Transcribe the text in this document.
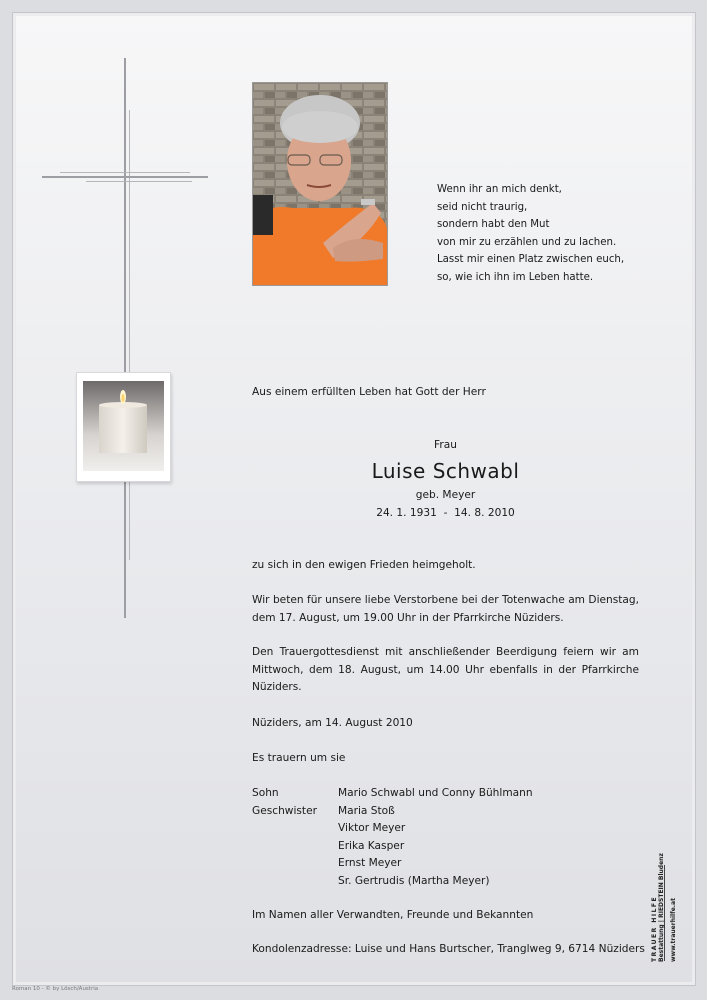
Wenn ihr an mich denkt,
seid nicht traurig,
sondern habt den Mut
von mir zu erzählen und zu lachen.
Lasst mir einen Platz zwischen euch,
so, wie ich ihn im Leben hatte.
Aus einem erfüllten Leben hat Gott der Herr
Frau
Luise Schwabl
geb. Meyer
24. 1. 1931  -  14. 8. 2010
zu sich in den ewigen Frieden heimgeholt.
Wir beten für unsere liebe Verstorbene bei der Totenwache am Dienstag, dem 17. August, um 19.00 Uhr in der Pfarrkirche Nüziders.
Den Trauergottesdienst mit anschließender Beerdigung feiern wir am Mittwoch, dem 18. August, um 14.00 Uhr ebenfalls in der Pfarrkirche Nüziders.
Nüziders, am 14. August 2010
Es trauern um sie
Sohn	Mario Schwabl und Conny Bühlmann
Geschwister	Maria Stoß
Viktor Meyer
Erika Kasper
Ernst Meyer
Sr. Gertrudis (Martha Meyer)
Im Namen aller Verwandten, Freunde und Bekannten
Kondolenzadresse: Luise und Hans Burtscher, Tranglweg 9, 6714 Nüziders TRAUER HILFE Bestattung | RIEDSTEIN Bludenz
www.trauerhilfe.at
Roman 10 - © by Lösch/Austria
